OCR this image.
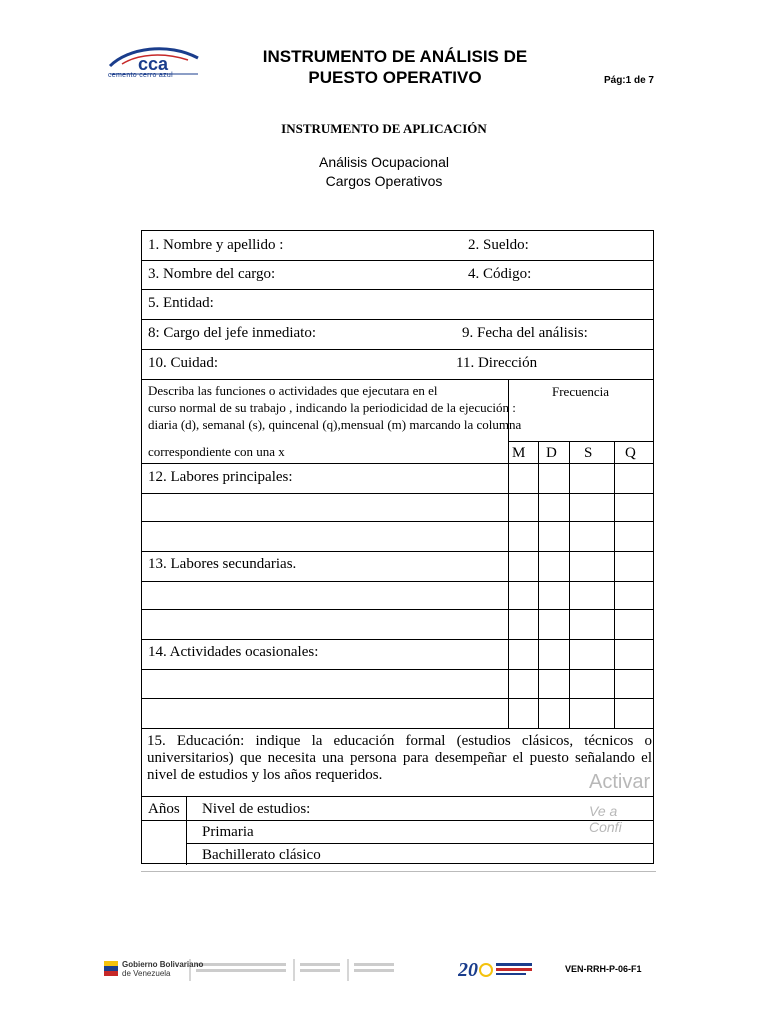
cca
cemento cerro azul
INSTRUMENTO DE ANÁLISIS DE
PUESTO OPERATIVO	Pág:1 de 7
INSTRUMENTO DE APLICACIÓN
Análisis Ocupacional
Cargos Operativos
1. Nombre y apellido :	2. Sueldo:
3. Nombre del cargo:	4. Código:
5. Entidad:
8: Cargo del jefe inmediato:	9. Fecha del análisis:
10. Cuidad:	11. Dirección
Describa las funciones o actividades que ejecutara en el
curso normal de su trabajo , indicando la periodicidad de la ejecución :
diaria (d), semanal (s), quincenal (q),mensual (m) marcando la columna
correspondiente con una x
Frecuencia
M D S Q
12. Labores principales:
13. Labores secundarias.
14. Actividades ocasionales:
15. Educación: indique la educación formal (estudios clásicos, técnicos o universitarios) que necesita una persona para desempeñar el puesto señalando el nivel de estudios y los años requeridos.
Años Nivel de estudios:
Primaria
Bachillerato clásico
Activar
Ve a Confi
Gobierno Bolivariano
de Venezuela	20	VEN-RRH-P-06-F1
